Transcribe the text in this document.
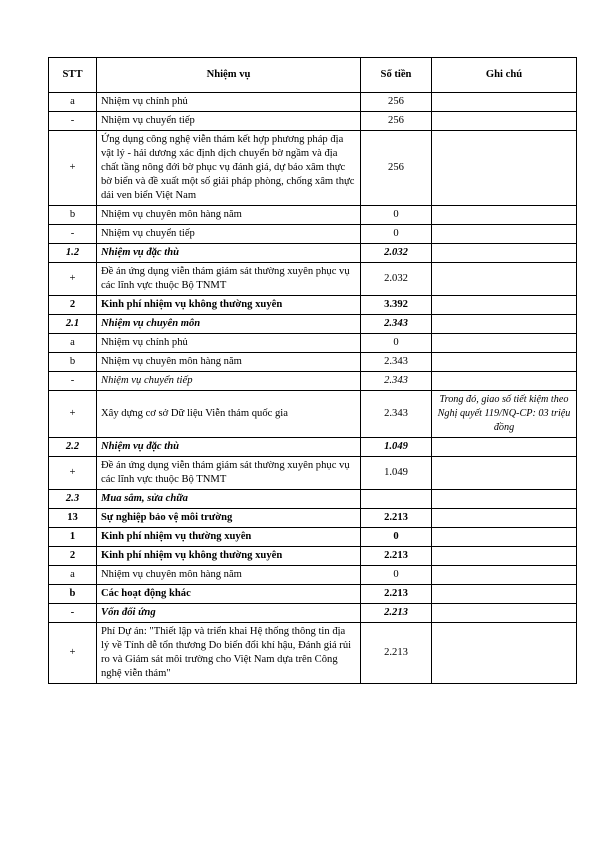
STT	Nhiệm vụ	Số tiền	Ghi chú
a	Nhiệm vụ chính phủ	256	
-	Nhiệm vụ chuyển tiếp	256	
+	Ứng dụng công nghệ viễn thám kết hợp phương pháp địa vật lý - hải dương xác định dịch chuyển bờ ngầm và địa chất tầng nông đới bờ phục vụ đánh giá, dự báo xâm thực bờ biển và đề xuất một số giải pháp phòng, chống xâm thực dải ven biển Việt Nam	256	
b	Nhiệm vụ chuyên môn hàng năm	0	
-	Nhiệm vụ chuyển tiếp	0	
1.2	Nhiệm vụ đặc thù	2.032	
+	Đề án ứng dụng viễn thám giám sát thường xuyên phục vụ các lĩnh vực thuộc Bộ TNMT	2.032	
2	Kinh phí nhiệm vụ không thường xuyên	3.392	
2.1	Nhiệm vụ chuyên môn	2.343	
a	Nhiệm vụ chính phủ	0	
b	Nhiệm vụ chuyên môn hàng năm	2.343	
-	Nhiệm vụ chuyển tiếp	2.343	
+	Xây dựng cơ sở Dữ liệu Viễn thám quốc gia	2.343	Trong đó, giao số tiết kiệm theo Nghị quyết 119/NQ-CP: 03 triệu đồng
2.2	Nhiệm vụ đặc thù	1.049	
+	Đề án ứng dụng viễn thám giám sát thường xuyên phục vụ các lĩnh vực thuộc Bộ TNMT	1.049	
2.3	Mua sắm, sửa chữa		
13	Sự nghiệp bảo vệ môi trường	2.213	
1	Kinh phí nhiệm vụ thường xuyên	0	
2	Kinh phí nhiệm vụ không thường xuyên	2.213	
a	Nhiệm vụ chuyên môn hàng năm	0	
b	Các hoạt động khác	2.213	
-	Vốn đối ứng	2.213	
+	Phí Dự án: "Thiết lập và triển khai Hệ thống thông tin địa lý về Tính dễ tổn thương Do biến đổi khí hậu, Đánh giá rủi ro và Giám sát môi trường cho Việt Nam dựa trên Công nghệ viễn thám"	2.213	
